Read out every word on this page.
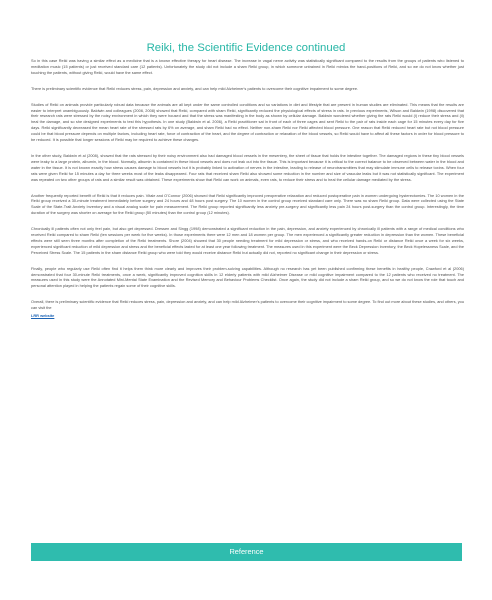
Reiki, the Scientific Evidence continued

So in this case Reiki was having a similar effect as a medicine that is a known effective therapy for heart disease. The increase in vagal nerve activity was statistically significant compared to the results from the groups of patients who listened to meditation music (15 patients) or just received standard care (12 patients). Unfortunately the study did not include a sham Reiki group, in which someone untrained in Reiki mimics the hand-positions of Reiki, and so we do not know whether just touching the patients, without giving Reiki, would have the same effect.

There is preliminary scientific evidence that Reiki reduces stress, pain, depression and anxiety, and can help mild Alzheimer's patients to overcome their cognitive impairment to some degree.

Studies of Reiki on animals provide particularly robust data because the animals are all kept under the same controlled conditions and so variations in diet and lifestyle that are present in human studies are eliminated. This means that the results are easier to interpret unambiguously. Baldwin and colleagues (2006, 2008) showed that Reiki, compared with sham Reiki, significantly reduced the physiological effects of stress in rats. In previous experiments, Wilson and Baldwin (1998) discovered that their research rats were stressed by the noisy environment in which they were housed and that the stress was manifesting in the body as shown by cellular damage. Baldwin wondered whether giving the rats Reiki would (i) reduce their stress and (ii) heal the damage, and so she designed experiments to test this hypothesis. In one study (Baldwin et al. 2006), a Reiki practitioner sat in front of each of three cages and sent Reiki to the pair of rats inside each cage for 15 minutes every day for five days. Reiki significantly decreased the mean heart rate of the stressed rats by 6% on average, and sham Reiki had no effect. Neither non-sham Reiki nor Reiki affected blood pressure. One reason that Reiki reduced heart rate but not blood pressure could be that blood pressure depends on multiple factors, including heart rate, force of contraction of the heart, and the degree of contraction or relaxation of the blood vessels, so Reiki would have to affect all these factors in order for blood pressure to be reduced. It is possible that longer sessions of Reiki may be required to achieve these changes.

In the other study, Baldwin et al (2008), showed that the rats stressed by their noisy environment also had damaged blood vessels in the mesentery, the sheet of tissue that holds the intestine together. The damaged regions in these tiny blood vessels were leaky to a large protein, albumin, in the blood. Normally, albumin is contained in these blood vessels and does not leak out into the tissue. This is important because it is critical to the correct balance to be observed between water in the blood and water in the tissue. It is not known exactly how stress causes damage to blood vessels but it is probably linked to activation of nerves in the intestine, leading to release of neurotransmitters that may stimulate immune cells to release toxins. When four rats were given Reiki for 15 minutes a day for three weeks most of the leaks disappeared. Four rats that received sham Reiki also showed some reduction in the number and size of vascular leaks but it was not statistically significant. The experiment was repeated on two other groups of rats and a similar result was obtained. These experiments show that Reiki can work on animals, even rats, to reduce their stress and to heal the cellular damage mediated by the stress.

Another frequently reported benefit of Reiki is that it reduces pain. Vitale and O'Connor (2006) showed that Reiki significantly improved preoperative relaxation and reduced postoperative pain in women undergoing hysterectomies. The 10 women in the Reiki group received a 30-minute treatment immediately before surgery and 24 hours and 48 hours post surgery. The 10 women in the control group received standard care only. There was no sham Reiki group. Data were collected using the State Scale of the State-Trait Anxiety Inventory and a visual analog scale for pain measurement. The Reiki group reported significantly less anxiety pre-surgery and significantly less pain 24 hours post-surgery than the control group. Interestingly, the time duration of the surgery was shorter on average for the Reiki group (50 minutes) than the control group (12 minutes).

Chronically ill patients often not only feel pain, but also get depressed. Dressen and Singg (1998) demonstrated a significant reduction in the pain, depression, and anxiety experienced by chronically ill patients with a range of medical conditions who received Reiki compared to sham Reiki (ten sessions per week for five weeks). In those experiments there were 12 men and 18 women per group. The men experienced a significantly greater reduction in depression than the women. These beneficial effects were still seen three months after completion of the Reiki treatments. Shore (2004) showed that 30 people needing treatment for mild depression or stress, and who received hands-on Reiki or distance Reiki once a week for six weeks, experienced significant reduction of mild depression and stress and the beneficial effects lasted for at least one year following treatment. The measures used in this experiment were the Beck Depression Inventory, the Beck Hopelessness Scale, and the Perceived Stress Scale. The 15 patients in the sham distance Reiki group who were told they would receive distance Reiki but actually did not, reported no significant change in their depression or stress.

Finally, people who regularly use Reiki often find it helps them think more clearly and improves their problem-solving capabilities. Although no research has yet been published confirming these benefits in healthy people, Crawford et al (2006) demonstrated that four 30-minute Reiki treatments, once a week, significantly improved cognition skills in 12 elderly patients with mild Alzheimer Disease or mild cognitive impairment compared to the 12 patients who received no treatment. The measures used in this study were the Annotated Mini-Mental State Examination and the Revised Memory and Behaviour Problems Checklist. Once again, the study did not include a sham Reiki group, and so we do not know the role that touch and personal attention played in helping the patients regain some of their cognitive skills.

Overall, there is preliminary scientific evidence that Reiki reduces stress, pain, depression and anxiety, and can help mild Alzheimer's patients to overcome their cognitive impairment to some degree. To find out more about these studies, and others, you can visit the

LRR website
Reference
